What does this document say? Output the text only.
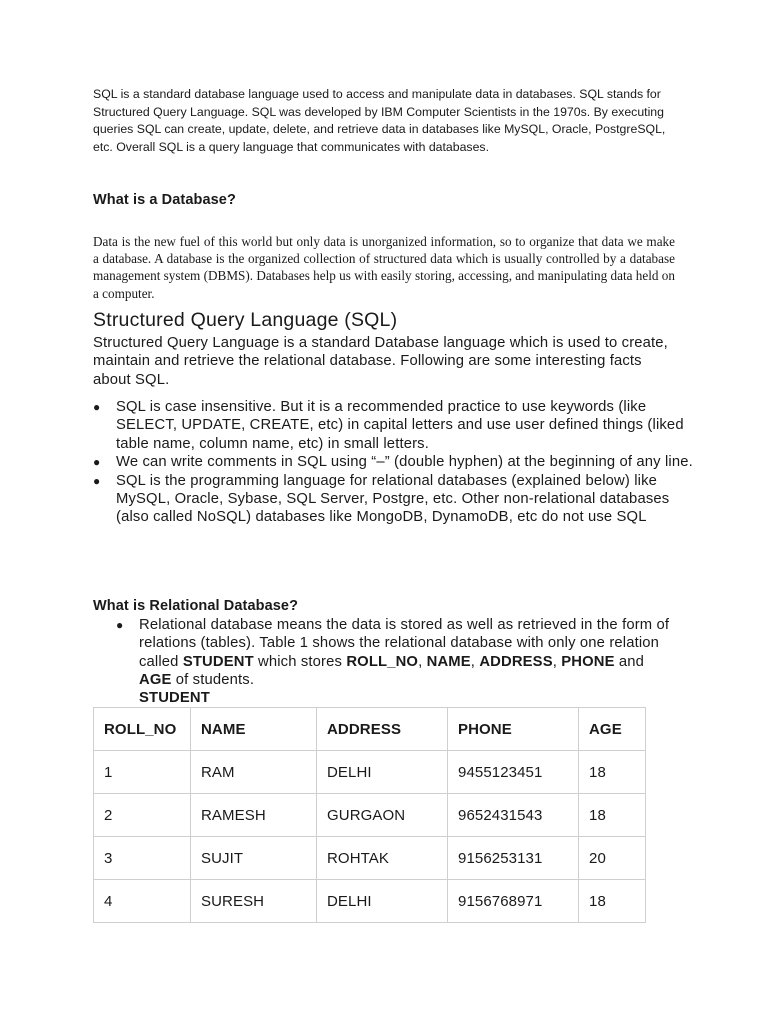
SQL is a standard database language used to access and manipulate data in databases. SQL stands for Structured Query Language. SQL was developed by IBM Computer Scientists in the 1970s. By executing queries SQL can create, update, delete, and retrieve data in databases like MySQL, Oracle, PostgreSQL, etc. Overall SQL is a query language that communicates with databases.

What is a Database?

Data is the new fuel of this world but only data is unorganized information, so to organize that data we make a database. A database is the organized collection of structured data which is usually controlled by a database management system (DBMS). Databases help us with easily storing, accessing, and manipulating data held on a computer.

Structured Query Language (SQL)

Structured Query Language is a standard Database language which is used to create, maintain and retrieve the relational database. Following are some interesting facts about SQL.

● SQL is case insensitive. But it is a recommended practice to use keywords (like SELECT, UPDATE, CREATE, etc) in capital letters and use user defined things (liked table name, column name, etc) in small letters.
● We can write comments in SQL using “–” (double hyphen) at the beginning of any line.
● SQL is the programming language for relational databases (explained below) like MySQL, Oracle, Sybase, SQL Server, Postgre, etc. Other non-relational databases (also called NoSQL) databases like MongoDB, DynamoDB, etc do not use SQL
What is Relational Database?
● Relational database means the data is stored as well as retrieved in the form of relations (tables). Table 1 shows the relational database with only one relation called STUDENT which stores ROLL_NO, NAME, ADDRESS, PHONE and AGE of students.
STUDENT
ROLL_NO	NAME	ADDRESS	PHONE	AGE
1	RAM	DELHI	9455123451	18
2	RAMESH	GURGAON	9652431543	18
3	SUJIT	ROHTAK	9156253131	20
4	SURESH	DELHI	9156768971	18
